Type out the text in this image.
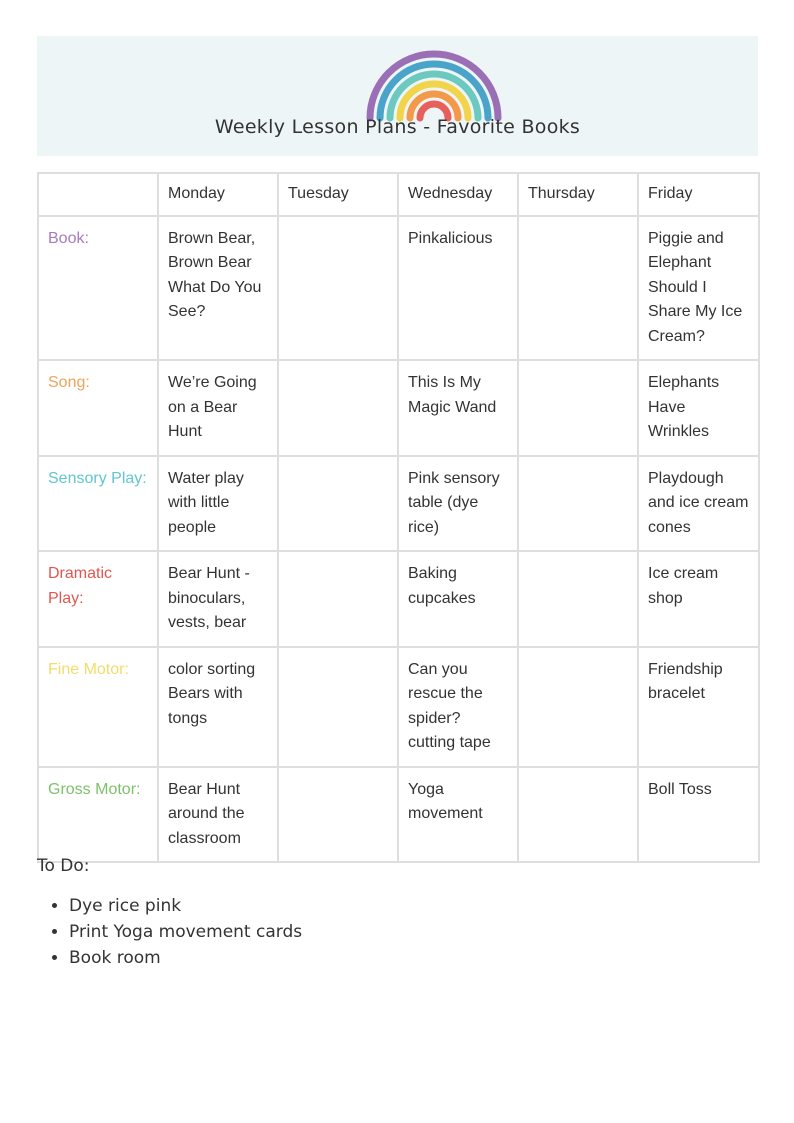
Weekly Lesson Plans - Favorite Books
	Monday	Tuesday	Wednesday	Thursday	Friday
Book:	Brown Bear, Brown Bear What Do You See?		Pinkalicious		Piggie and Elephant Should I Share My Ice Cream?
Song:	We’re Going on a Bear Hunt		This Is My Magic Wand		Elephants Have Wrinkles
Sensory Play:	Water play with little people		Pink sensory table (dye rice)		Playdough and ice cream cones
Dramatic Play:	Bear Hunt - binoculars, vests, bear		Baking cupcakes		Ice cream shop
Fine Motor:	color sorting Bears with tongs		Can you rescue the spider? cutting tape		Friendship bracelet
Gross Motor:	Bear Hunt around the classroom		Yoga movement		Boll Toss
To Do:
• Dye rice pink
• Print Yoga movement cards
• Book room
